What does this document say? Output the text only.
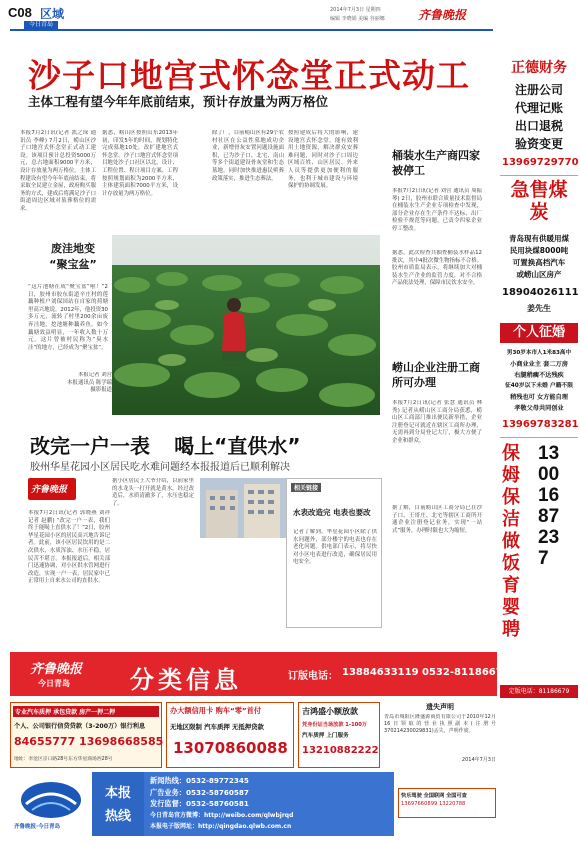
C08 区域
今日青岛
2014年7月3日 星期四
编辑 李晓娟 美编 谷丽娜	齐鲁晚报
沙子口地宫式怀念堂正式动工
主体工程有望今年年底前结束，预计存放量为两万格位
本报7月2日讯(记者 凯之琛 通讯员 李峰) 7月2日，崂山区沙子口地宫式怀念堂正式动工建设。该项目预计总投资5000万元，总占地面积9000平方米，设计存放量为两万格位。主体工程建设有望今年年底前结束，将采取全民建立金屋，政府购买服务的方式，建成后将满足沙子口街道周边区域对墓葬格位的需求。
据悉，崂山区按照山东2013年初，印发5年的时间，规划特化完成墓地10处，改扩建地宫式怀念堂。沙子口地宫式怀念堂项目地处沙子口社区以北，设计、工程位置、程计项目方案、工程按照规划面积为2000平方米，主体建筑面积7000平方米，设计存放量为两万格位。
除了厂，目前崂山区有29个农村社区在公益性墓地成功企业，新增骨灰安置问题设施面积，已为沙子口、北宅、南山等多个街道建设骨灰堂和生态墓地，同时加快推进惠民殡葬政策落实，推进生态葬法。
按照建成后将大的影响，建设地宫式怀念堂，能有效利用土地资源，解决群众安葬难问题，同时对沙子口周边区域百姓、山区居民、外来人员等提供更加便利的服务，也利于城市建设与环境保护的协调发展。
废洼地变
“聚宝盆”
“这片池塘在成“聚宝盆”啦！”2日，胶州市胶东街道辛庄村的莲藕种植户刘保国站在自家的荷塘里高兴地说。2012年，他投资30多万元，流转了村里200余亩废弃洼地，挖池塘种藕养鱼。如今藕塘效益明显，一年收入数十万元。这片曾被村民称为“臭水洼”的地方，已经成为“聚宝盆”。
本报记者 刘营
本报通讯员 陈学瑞
摄影报道
桶装水生产商四家被停工
本报7月2日讯(记者 刘营 通讯员 周振琴) 2日，胶州市联合质量技术监督局在桶装水生产企业专项检查中发现，部分企业存在生产条件不达标、出厂检验不规范等问题，已责令四家企业停工整改。
据悉，此次检查共抽查桶装水样品12批次，其中4批次微生物指标不合格。胶州市质监局表示，将继续加大对桶装水生产企业的监管力度，对不合格产品依法处理，保障市民饮水安全。
崂山企业注册工商所可办理
本报7月2日讯(记者 张慧 通讯员 林秀) 记者从崂山区工商分局获悉，崂山区工商部门推出便民新举措，企业注册登记可就近在辖区工商所办理，无需再到分局登记大厅，极大方便了企业和群众。
据了解，目前崂山区工商分局已在沙子口、王哥庄、北宅等辖区工商所开通企业注册登记业务，实现“一站式”服务，办理时限也大为缩短。
改完一户一表 喝上“直供水”
胶州华星花园小区居民吃水难问题经本报报道后已顺利解决
齐鲁晚报
本报7月2日讯(记者 郭晓燕 刘祥 记者 赵鹏) “改完一户一表，我们终于能喝上直供水了！”2日，胶州华星花园小区的居民高兴地告诉记者。此前，该小区居民饮用的是二次供水，水质浑浊、水压不稳，居民苦不堪言。本报报道后，相关部门迅速协调，对小区供水管网进行改造，实现一户一表，居民家中已正常用上自来水公司的直供水。
据小区居民王大爷介绍，以前家里的水龙头一打开就是黄水，经过改造后，水质清澈多了，水压也稳定了。
相关链接
水表改造完 电表也要改
记者了解到，华星花园小区除了供水问题外，部分楼宇的电表也存在老化问题。供电部门表示，将尽快对小区电表进行改造，确保居民用电安全。
正德财务
注册公司
代理记账
出口退税
验资变更
13969729770
急售煤炭
青岛现有供暖用煤
民用块煤8000吨
可置换高档汽车
或崂山区房产
18904026111
姜先生
个人征婚
男30岁本市人1米83高中
小商业业主 套二万房
右腿稍瘸不达残疾
征40岁以下未婚 户籍不限
稍残也可 女方能自理
孝敬父母共同创业
13969783281
保姆保洁做饭育婴聘
13001687237
定版电话：81186679
齐鲁晚报
今日青岛	分类信息	订版电话： 13884633119 0532-81186679
专业汽车质押 承包贷款 房产一押二押
个人、公司银行信贷贷款（3-200万）银行利息
84655777 13698668585
地址：李沧区京口路28号东方华星商场西28号
办大额信用卡 购车“零”首付
无地区限制 汽车质押 无抵押贷款
13070860088
吉鸿盛小额放款
凭身份证当场放款 1-100万
汽车质押 上门服务
13210882222
遗失声明
青岛市城阳区隆盛源商贸有限公司于2010年12月16日领取的营业执照副本(注册号370214230029831)丢失，声明作废。
2014年7月3日
齐鲁晚报·今日青岛
本报
热线
新闻热线：0532-89772345
广告业务：0532-58760587
发行监督：0532-58760581
今日青岛官方微博：http://weibo.com/qlwbjrqd
本报电子版网址：http://qingdao.qlwb.com.cn
快乐驾驶 全国联网 全国可查
13697660899 13220788
